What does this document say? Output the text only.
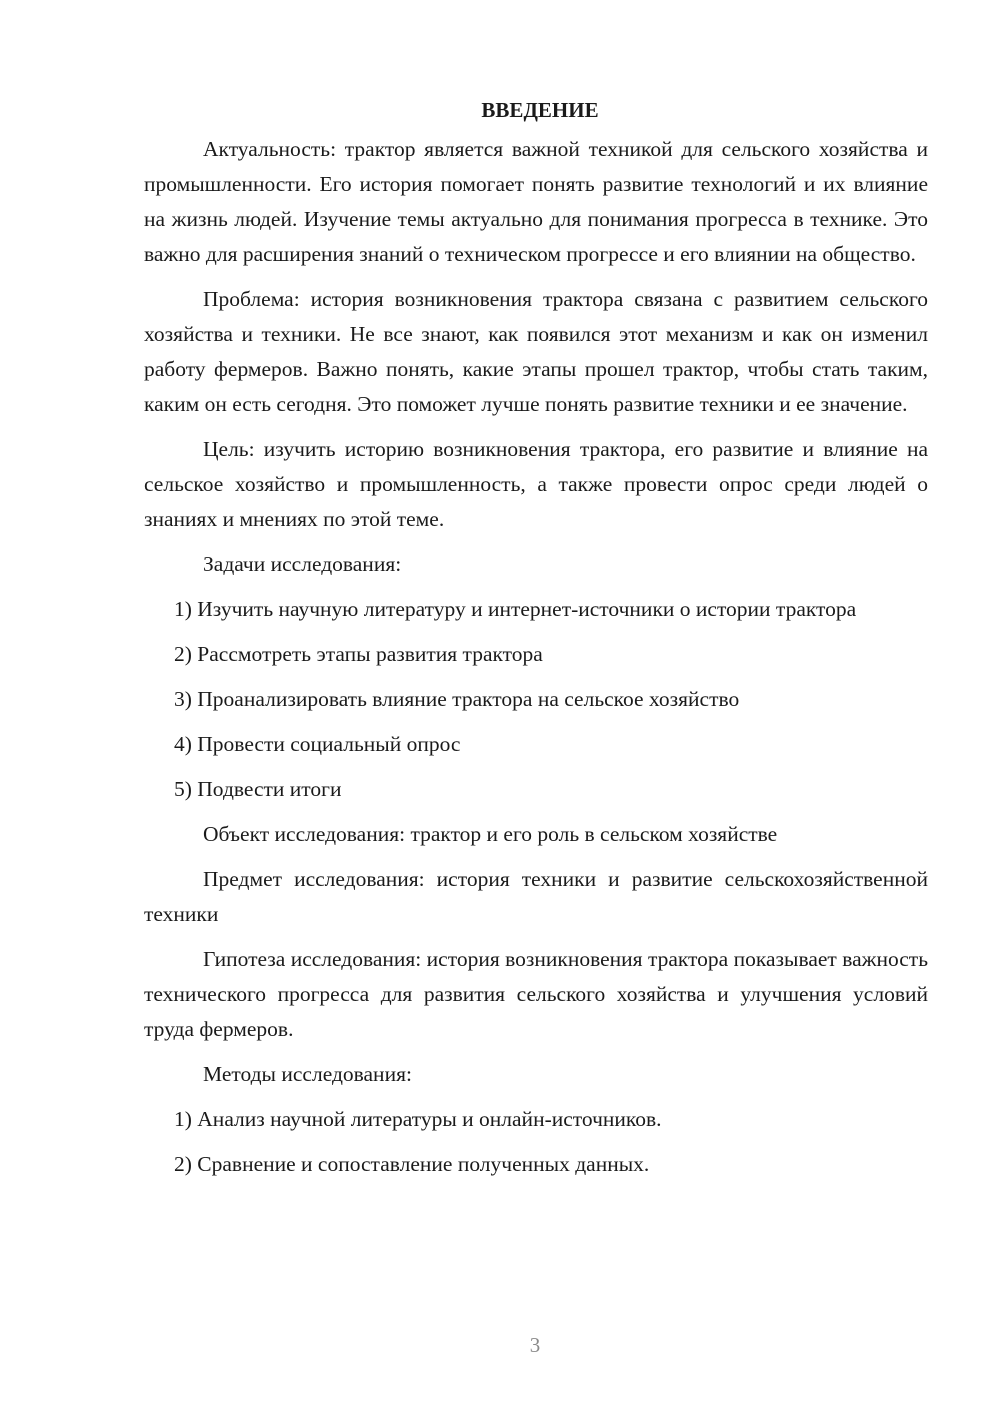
ВВЕДЕНИЕ

Актуальность: трактор является важной техникой для сельского хозяйства и промышленности. Его история помогает понять развитие технологий и их влияние на жизнь людей. Изучение темы актуально для понимания прогресса в технике. Это важно для расширения знаний о техническом прогрессе и его влиянии на общество.

Проблема: история возникновения трактора связана с развитием сельского хозяйства и техники. Не все знают, как появился этот механизм и как он изменил работу фермеров. Важно понять, какие этапы прошел трактор, чтобы стать таким, каким он есть сегодня. Это поможет лучше понять развитие техники и ее значение.

Цель: изучить историю возникновения трактора, его развитие и влияние на сельское хозяйство и промышленность, а также провести опрос среди людей о знаниях и мнениях по этой теме.

Задачи исследования:

1) Изучить научную литературу и интернет-источники о истории трактора

2) Рассмотреть этапы развития трактора

3) Проанализировать влияние трактора на сельское хозяйство

4) Провести социальный опрос

5) Подвести итоги

Объект исследования: трактор и его роль в сельском хозяйстве

Предмет исследования: история техники и развитие сельскохозяйственной техники

Гипотеза исследования: история возникновения трактора показывает важность технического прогресса для развития сельского хозяйства и улучшения условий труда фермеров.

Методы исследования:

1) Анализ научной литературы и онлайн-источников.

2) Сравнение и сопоставление полученных данных.

3
